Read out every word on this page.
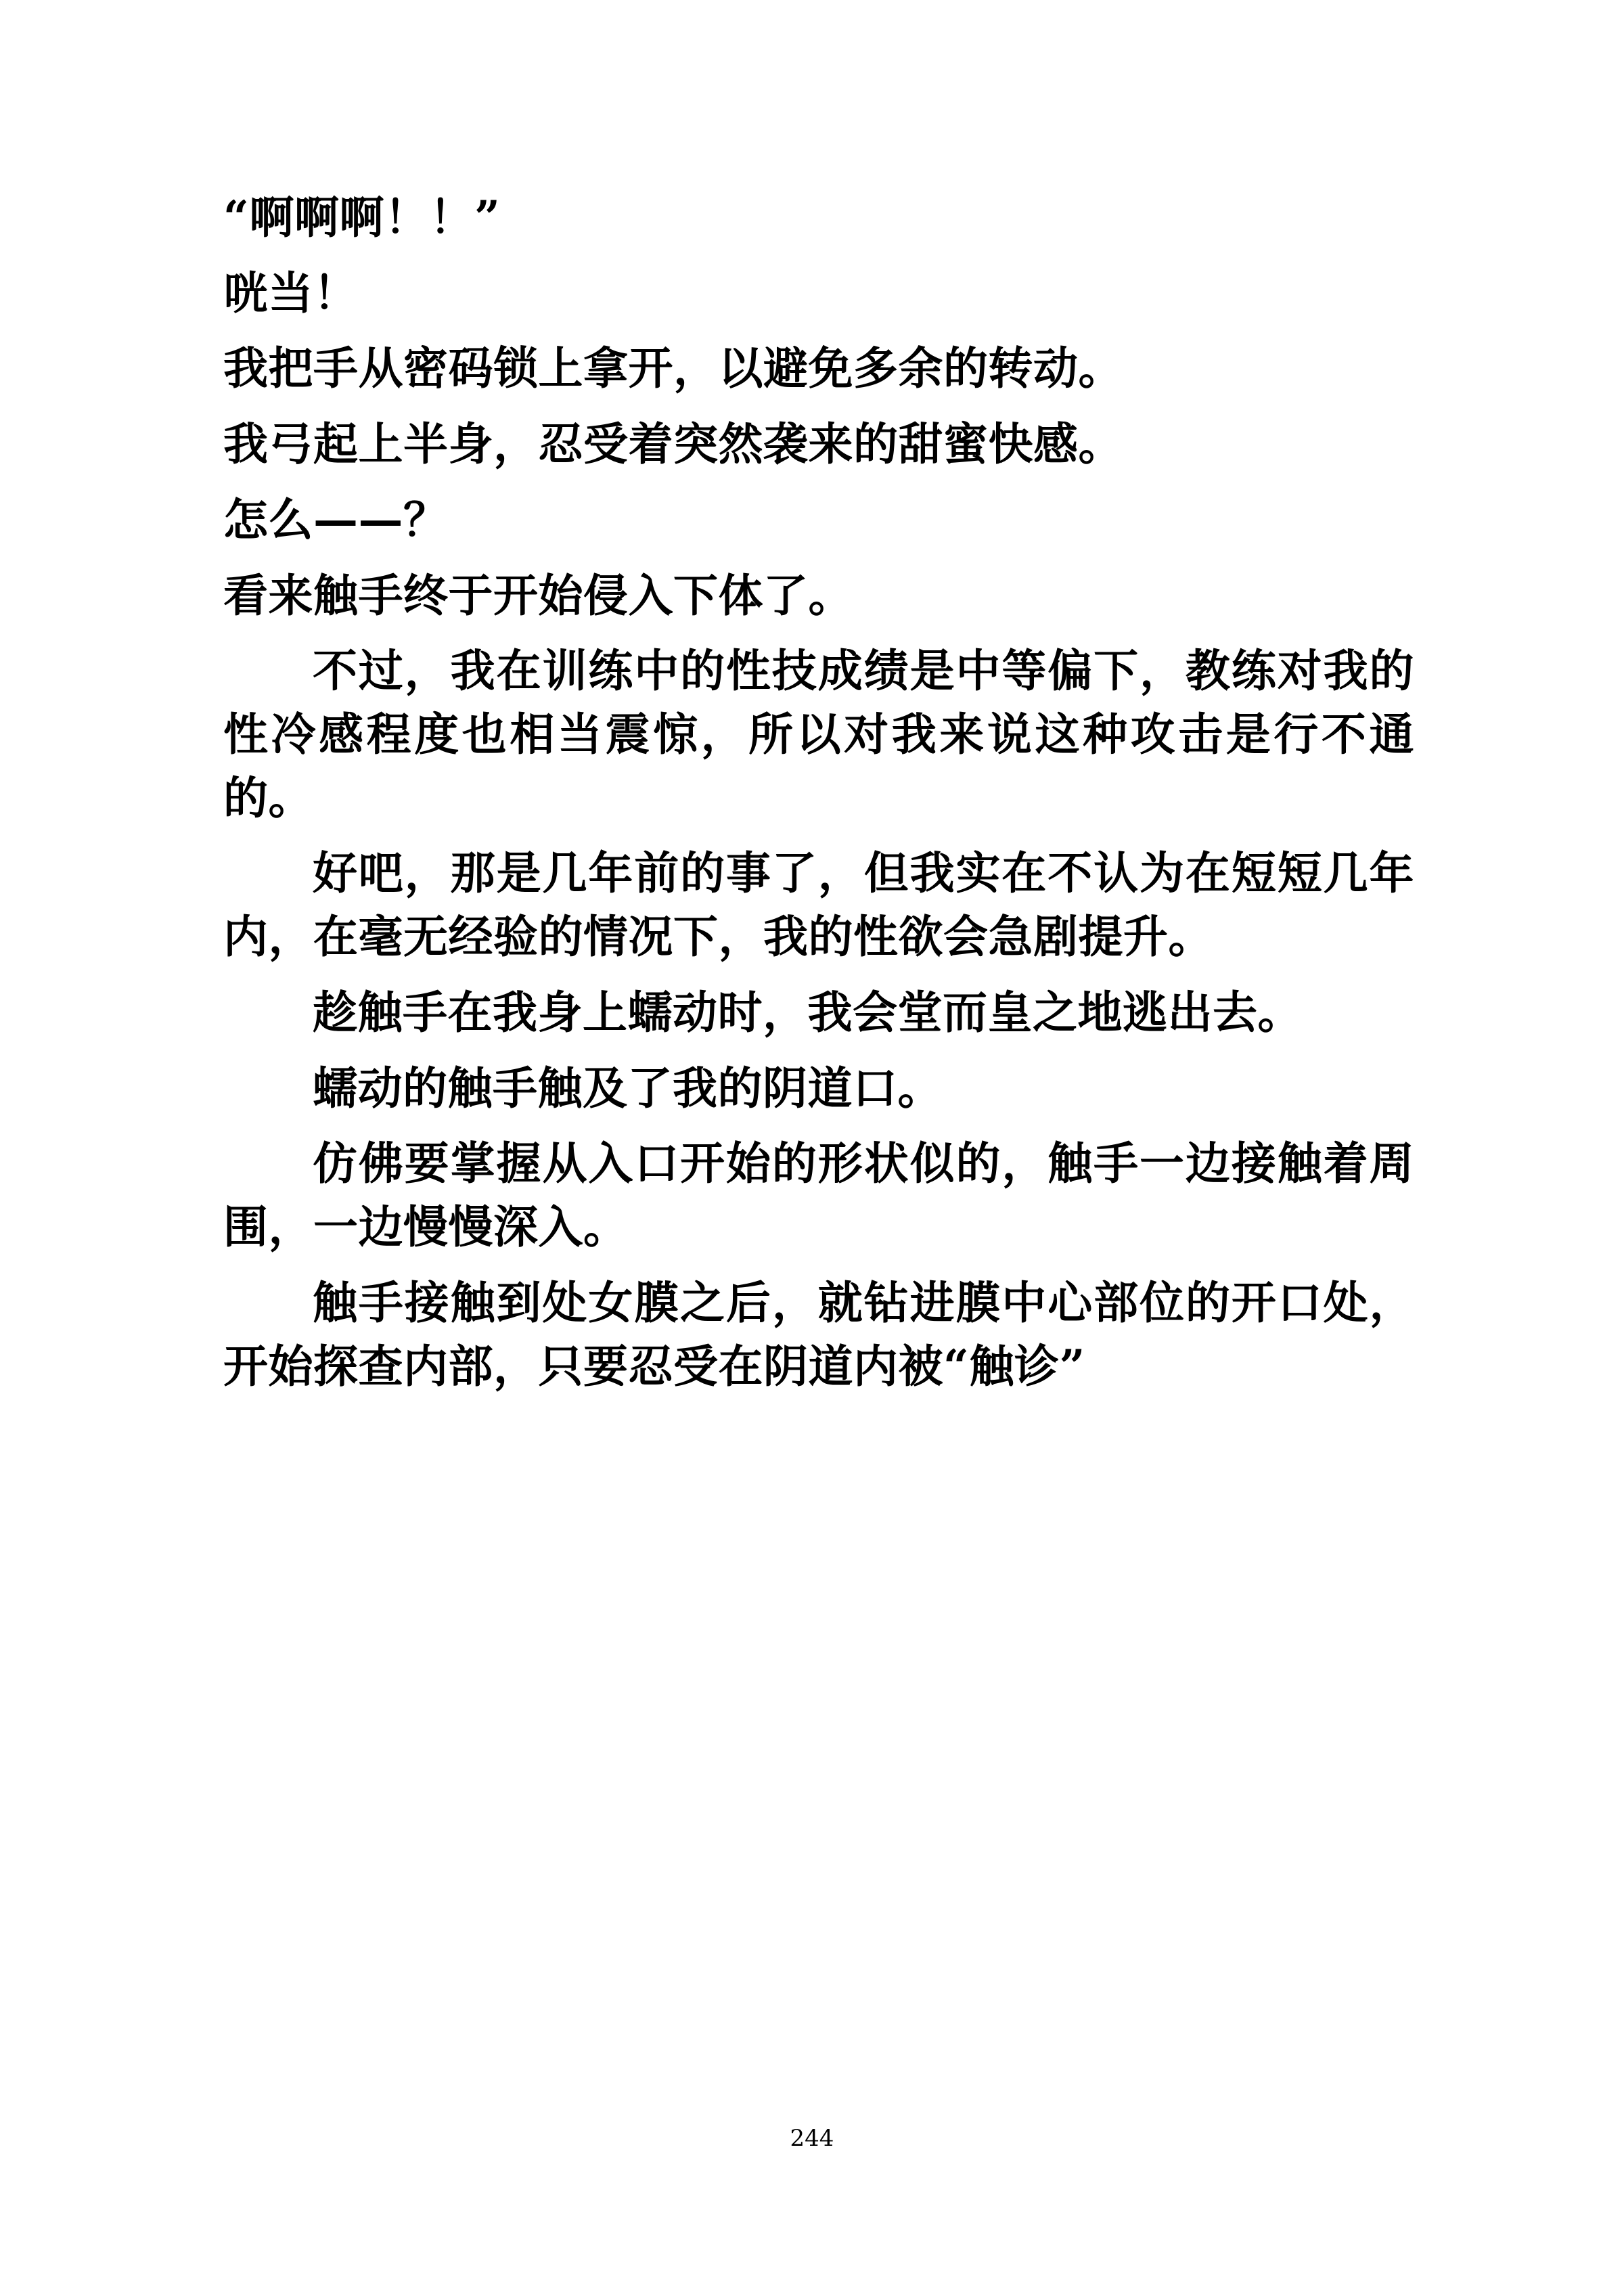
“啊啊啊！！”

咣当！

我把手从密码锁上拿开，以避免多余的转动。

我弓起上半身，忍受着突然袭来的甜蜜快感。

怎么——？

看来触手终于开始侵入下体了。

不过，我在训练中的性技成绩是中等偏下，教练对我的性冷感程度也相当震惊，所以对我来说这种攻击是行不通的。

好吧，那是几年前的事了，但我实在不认为在短短几年内，在毫无经验的情况下，我的性欲会急剧提升。

趁触手在我身上蠕动时，我会堂而皇之地逃出去。

蠕动的触手触及了我的阴道口。

仿佛要掌握从入口开始的形状似的，触手一边接触着周围，一边慢慢深入。

触手接触到处女膜之后，就钻进膜中心部位的开口处，开始探查内部，只要忍受在阴道内被“触诊”

244
